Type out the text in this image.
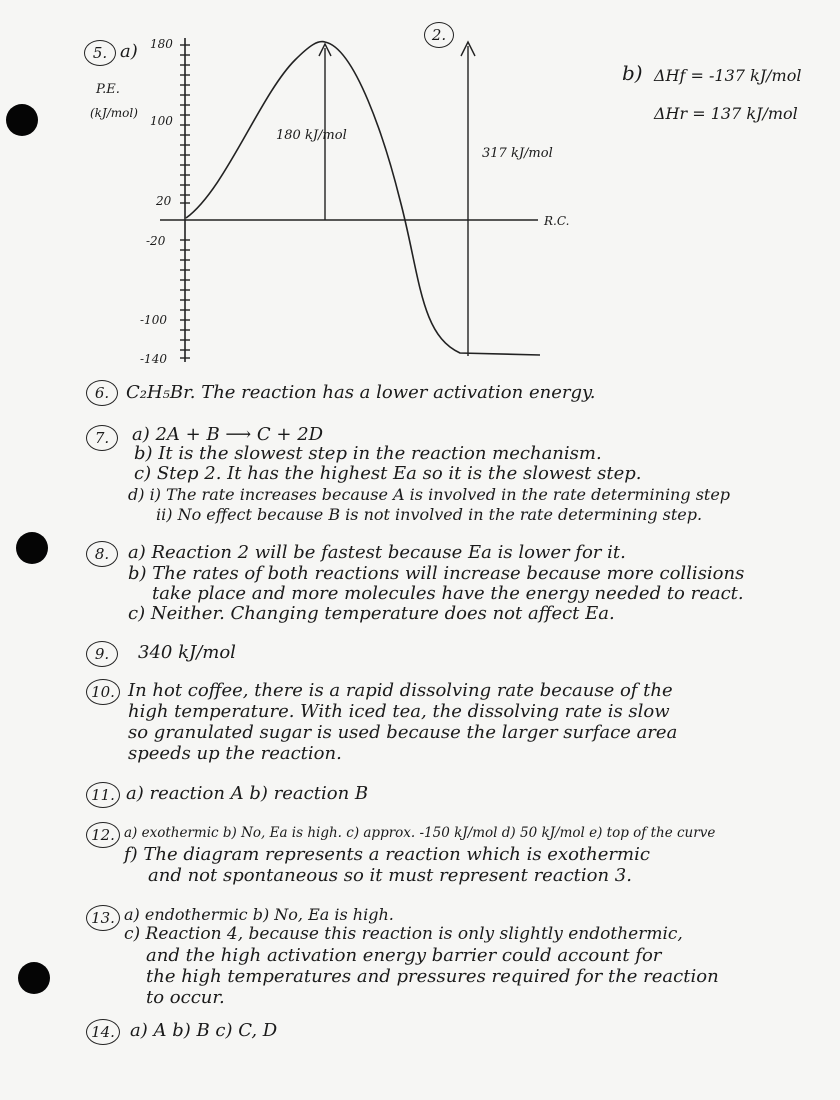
5. a)
2.
P.E.
(kJ/mol)
R.C.
180
100
20
-20
-100
-140
180 kJ/mol
317 kJ/mol
b) ΔHf = -137 kJ/mol
ΔHr = 137 kJ/mol
6. C₂H₅Br. The reaction has a lower activation energy.
7.	a) 2A + B ⟶ C + 2D
b) It is the slowest step in the reaction mechanism.
c) Step 2. It has the highest Ea so it is the slowest step.
d) i) The rate increases because A is involved in the rate determining step
ii) No effect because B is not involved in the rate determining step.
8.	a) Reaction 2 will be fastest because Ea is lower for it.
b) The rates of both reactions will increase because more collisions
take place and more molecules have the energy needed to react.
c) Neither. Changing temperature does not affect Ea.
9.	340 kJ/mol
10. In hot coffee, there is a rapid dissolving rate because of the
high temperature. With iced tea, the dissolving rate is slow
so granulated sugar is used because the larger surface area
speeds up the reaction.
11. a) reaction A b) reaction B
12. a) exothermic b) No, Ea is high. c) approx. -150 kJ/mol d) 50 kJ/mol e) top of the curve
f) The diagram represents a reaction which is exothermic
and not spontaneous so it must represent reaction 3.
13. a) endothermic b) No, Ea is high.
c) Reaction 4, because this reaction is only slightly endothermic,
and the high activation energy barrier could account for
the high temperatures and pressures required for the reaction
to occur.
14. a) A b) B c) C, D
